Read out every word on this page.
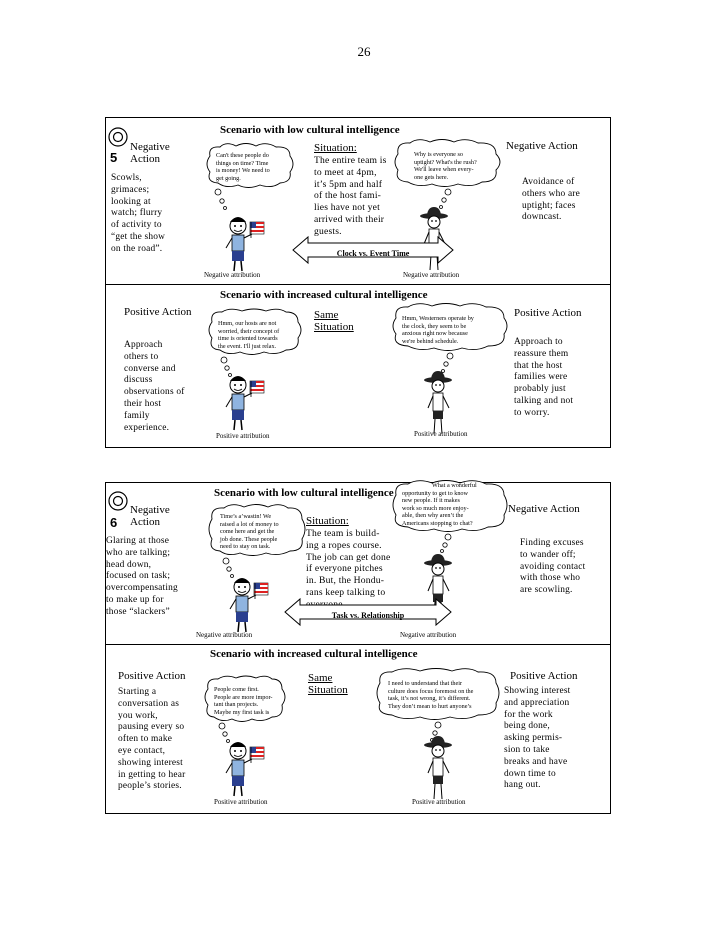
26
5
Scenario with low cultural intelligence
Negative
Action
Scowls,
grimaces;
looking at
watch; flurry
of activity to
“get the show
on the road”.
Can't these people do
things on time? Time
is money! We need to
get going.
Situation:
The entire team is
to meet at 4pm,
it’s 5pm and half
of the host fami-
lies have not yet
arrived with their
guests.
Why is everyone so
uptight? What's the rush?
We'll leave when every-
one gets here.
Clock vs. Event Time
Negative Action
Avoidance of
others who are
uptight; faces
downcast.
Negative attribution	Negative attribution
Scenario with increased cultural intelligence
Positive Action
Approach
others to
converse and
discuss
observations of
their host
family
experience.
Hmm, our hosts are not
worried, their concept of
time is oriented towards
the event. I'll just relax.
Same
Situation
Hmm, Westerners operate by
the clock, they seem to be
anxious right now because
we're behind schedule.
Positive Action
Approach to
reassure them
that the host
families were
probably just
talking and not
to worry.
Positive attribution	Positive attribution
6
Scenario with low cultural intelligence
Negative
Action
Glaring at those
who are talking;
head down,
focused on task;
overcompensating
to make up for
those “slackers”
Time’s a’wastin! We
raised a lot of money to
come here and get the
job done. These people
need to stay on task.
Situation:
The team is build-
ing a ropes course.
The job can get done
if everyone pitches
in. But, the Hondu-
rans keep talking to
everyone.
What a wonderful
opportunity to get to know
new people. If it makes
work so much more enjoy-
able, then why aren’t the
Americans stopping to chat?
Task vs. Relationship
Negative Action
Finding excuses
to wander off;
avoiding contact
with those who
are scowling.
Negative attribution	Negative attribution
Scenario with increased cultural intelligence
Positive Action
Starting a
conversation as
you work,
pausing every so
often to make
eye contact,
showing interest
in getting to hear
people’s stories.
People come first.
People are more impor-
tant than projects.
Maybe my first task is
Same
Situation
I need to understand that their
culture does focus foremost on the
task, it’s not wrong, it’s different.
They don’t mean to hurt anyone’s
Positive Action
Showing interest
and appreciation
for the work
being done,
asking permis-
sion to take
breaks and have
down time to
hang out.
Positive attribution	Positive attribution
